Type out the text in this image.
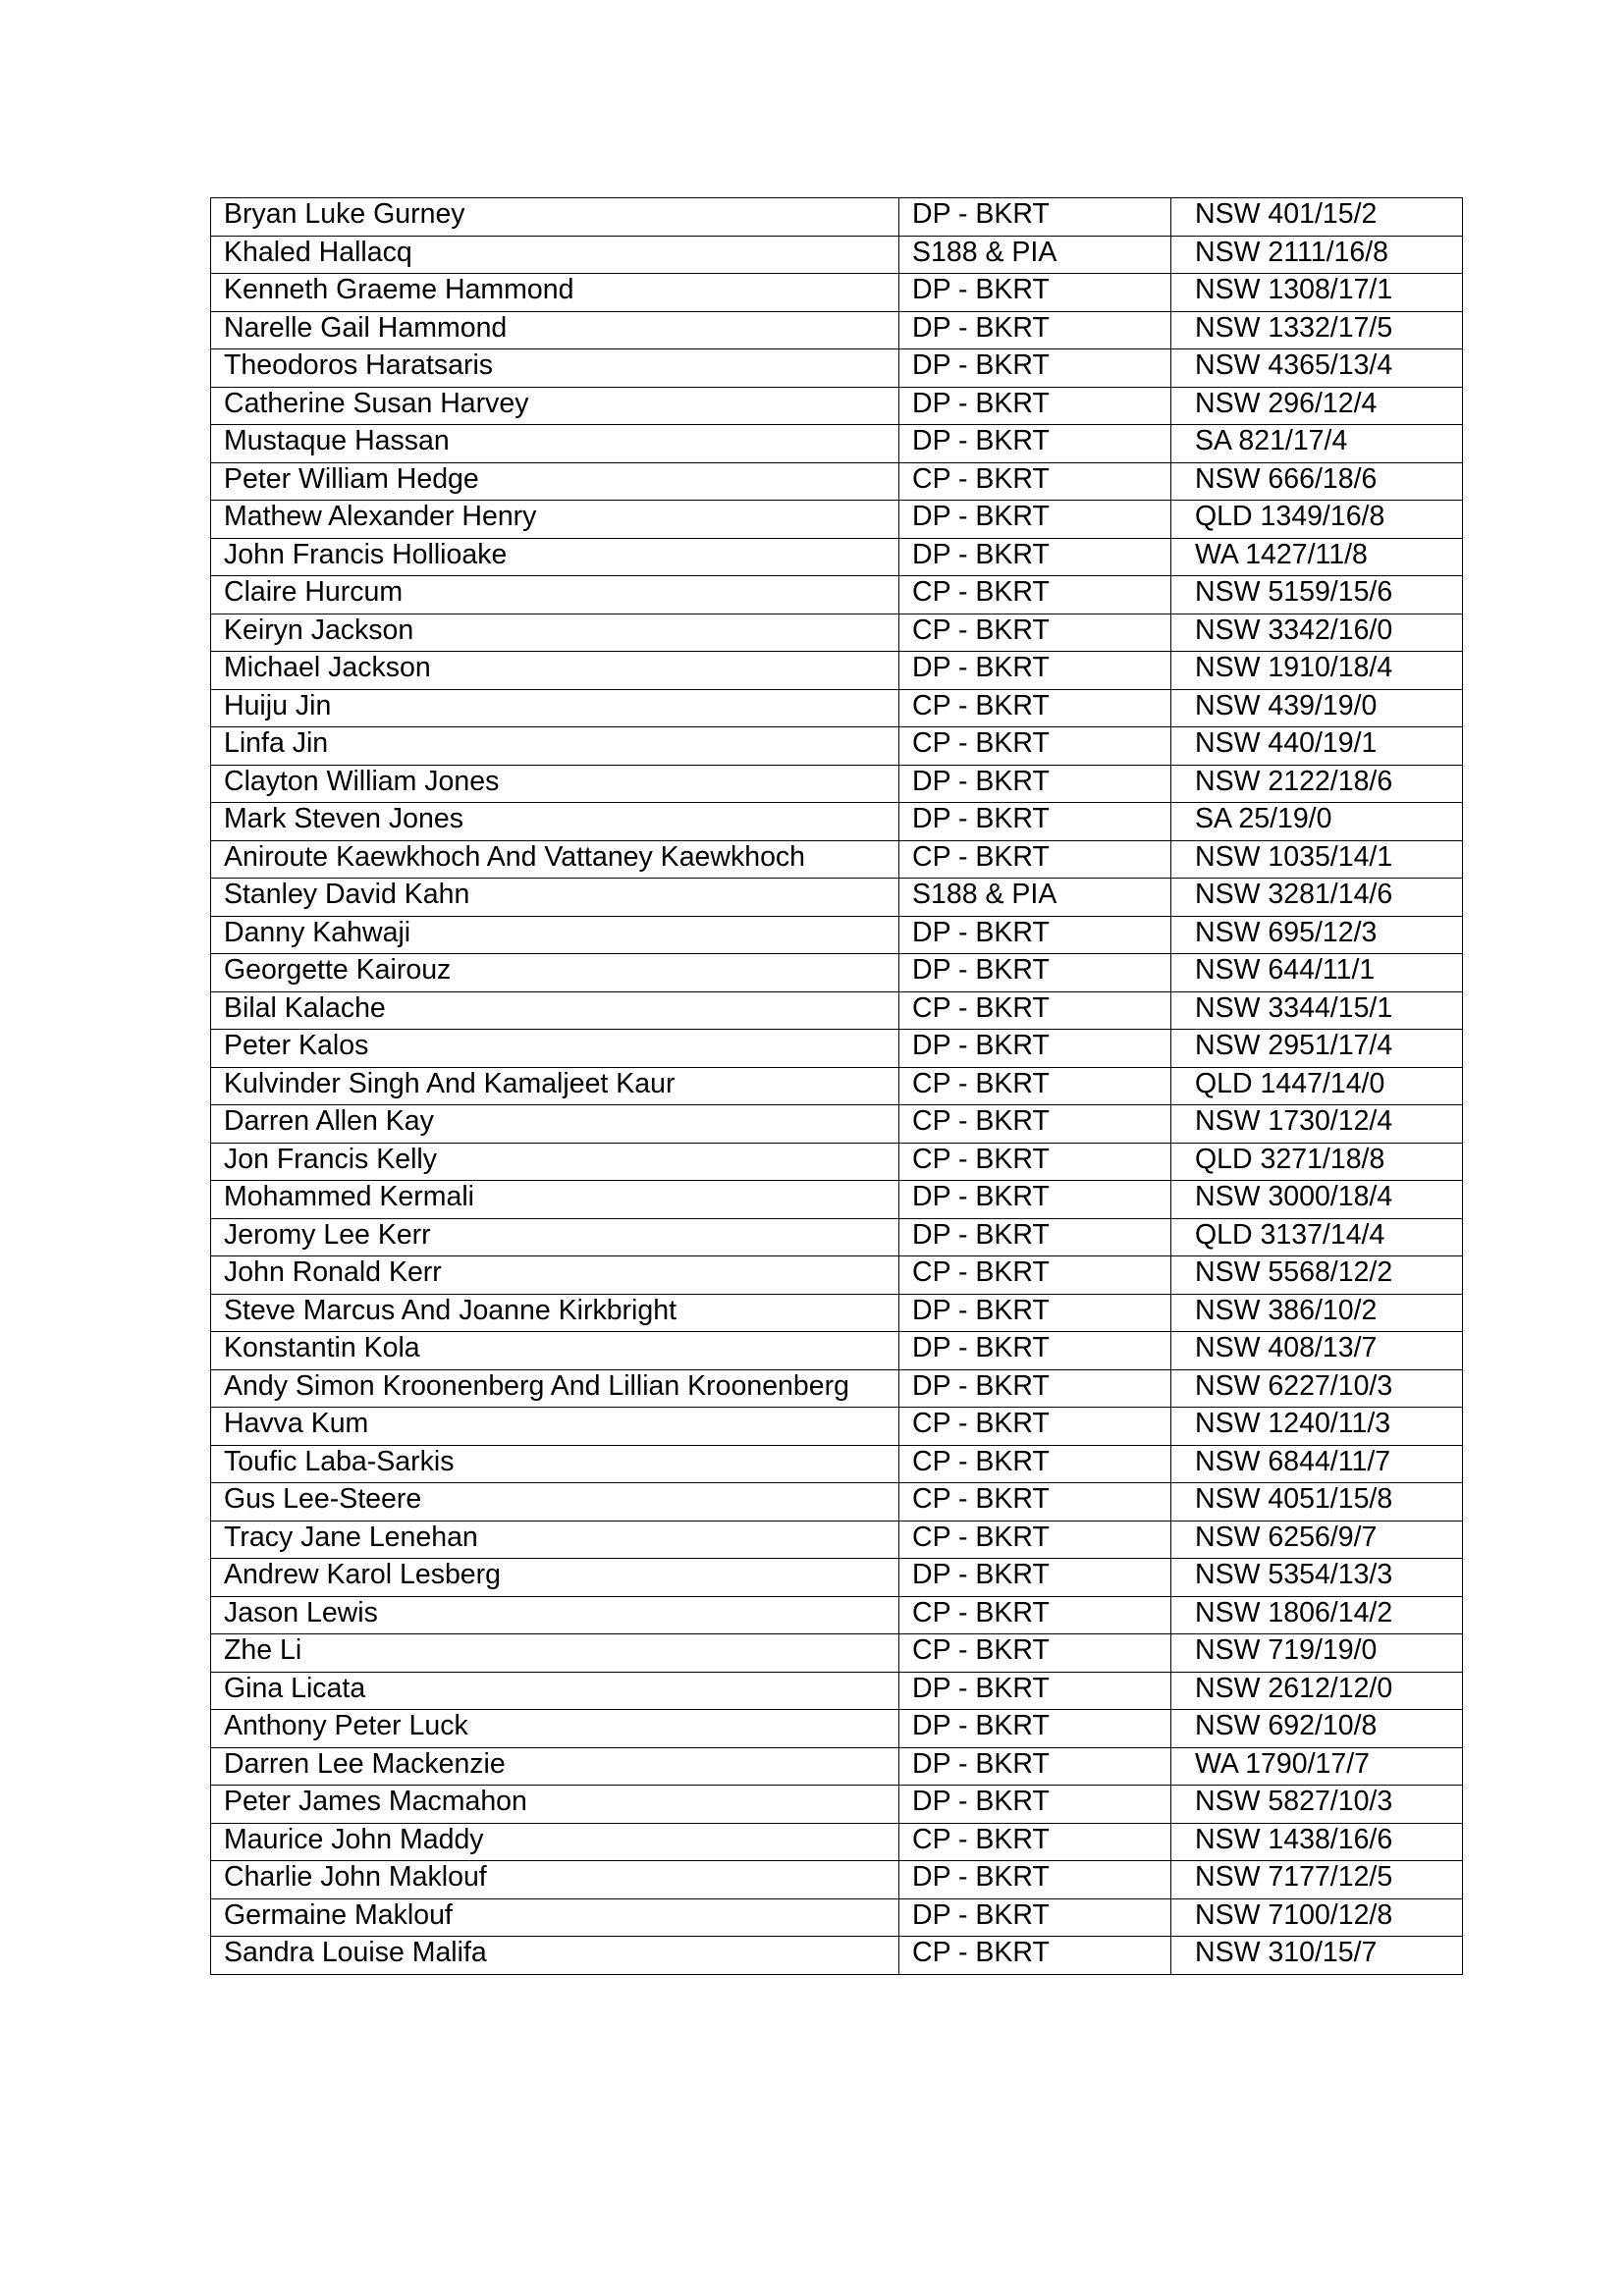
Bryan Luke Gurney	DP - BKRT	NSW 401/15/2
Khaled Hallacq	S188 & PIA	NSW 2111/16/8
Kenneth Graeme Hammond	DP - BKRT	NSW 1308/17/1
Narelle Gail Hammond	DP - BKRT	NSW 1332/17/5
Theodoros Haratsaris	DP - BKRT	NSW 4365/13/4
Catherine Susan Harvey	DP - BKRT	NSW 296/12/4
Mustaque Hassan	DP - BKRT	SA 821/17/4
Peter William Hedge	CP - BKRT	NSW 666/18/6
Mathew Alexander Henry	DP - BKRT	QLD 1349/16/8
John Francis Hollioake	DP - BKRT	WA 1427/11/8
Claire Hurcum	CP - BKRT	NSW 5159/15/6
Keiryn Jackson	CP - BKRT	NSW 3342/16/0
Michael Jackson	DP - BKRT	NSW 1910/18/4
Huiju Jin	CP - BKRT	NSW 439/19/0
Linfa Jin	CP - BKRT	NSW 440/19/1
Clayton William Jones	DP - BKRT	NSW 2122/18/6
Mark Steven Jones	DP - BKRT	SA 25/19/0
Aniroute Kaewkhoch And Vattaney Kaewkhoch	CP - BKRT	NSW 1035/14/1
Stanley David Kahn	S188 & PIA	NSW 3281/14/6
Danny Kahwaji	DP - BKRT	NSW 695/12/3
Georgette Kairouz	DP - BKRT	NSW 644/11/1
Bilal Kalache	CP - BKRT	NSW 3344/15/1
Peter Kalos	DP - BKRT	NSW 2951/17/4
Kulvinder Singh And Kamaljeet Kaur	CP - BKRT	QLD 1447/14/0
Darren Allen Kay	CP - BKRT	NSW 1730/12/4
Jon Francis Kelly	CP - BKRT	QLD 3271/18/8
Mohammed Kermali	DP - BKRT	NSW 3000/18/4
Jeromy Lee Kerr	DP - BKRT	QLD 3137/14/4
John Ronald Kerr	CP - BKRT	NSW 5568/12/2
Steve Marcus And Joanne Kirkbright	DP - BKRT	NSW 386/10/2
Konstantin Kola	DP - BKRT	NSW 408/13/7
Andy Simon Kroonenberg And Lillian Kroonenberg	DP - BKRT	NSW 6227/10/3
Havva Kum	CP - BKRT	NSW 1240/11/3
Toufic Laba-Sarkis	CP - BKRT	NSW 6844/11/7
Gus Lee-Steere	CP - BKRT	NSW 4051/15/8
Tracy Jane Lenehan	CP - BKRT	NSW 6256/9/7
Andrew Karol Lesberg	DP - BKRT	NSW 5354/13/3
Jason Lewis	CP - BKRT	NSW 1806/14/2
Zhe Li	CP - BKRT	NSW 719/19/0
Gina Licata	DP - BKRT	NSW 2612/12/0
Anthony Peter Luck	DP - BKRT	NSW 692/10/8
Darren Lee Mackenzie	DP - BKRT	WA 1790/17/7
Peter James Macmahon	DP - BKRT	NSW 5827/10/3
Maurice John Maddy	CP - BKRT	NSW 1438/16/6
Charlie John Maklouf	DP - BKRT	NSW 7177/12/5
Germaine Maklouf	DP - BKRT	NSW 7100/12/8
Sandra Louise Malifa	CP - BKRT	NSW 310/15/7
